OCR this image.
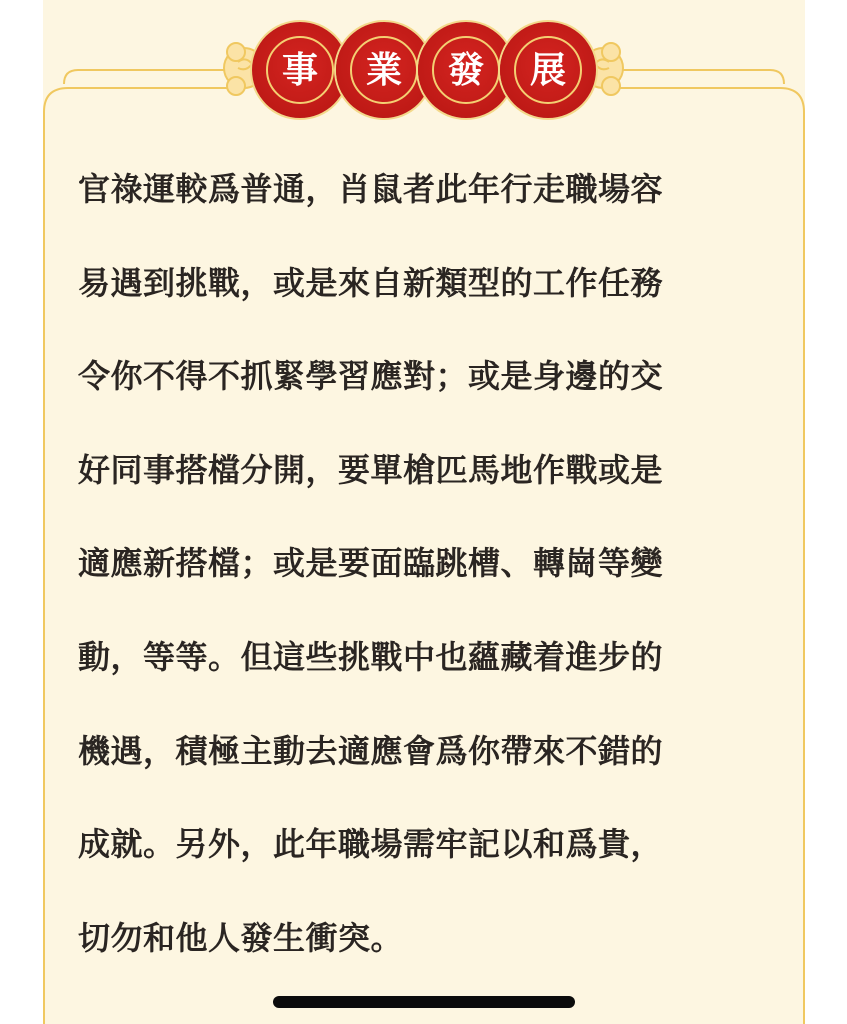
事 業 發 展
官祿運較爲普通，肖鼠者此年行走職場容
易遇到挑戰，或是來自新類型的工作任務
令你不得不抓緊學習應對；或是身邊的交
好同事搭檔分開，要單槍匹馬地作戰或是
適應新搭檔；或是要面臨跳槽、轉崗等變
動，等等。但這些挑戰中也蘊藏着進步的
機遇，積極主動去適應會爲你帶來不錯的
成就。另外，此年職場需牢記以和爲貴，
切勿和他人發生衝突。
